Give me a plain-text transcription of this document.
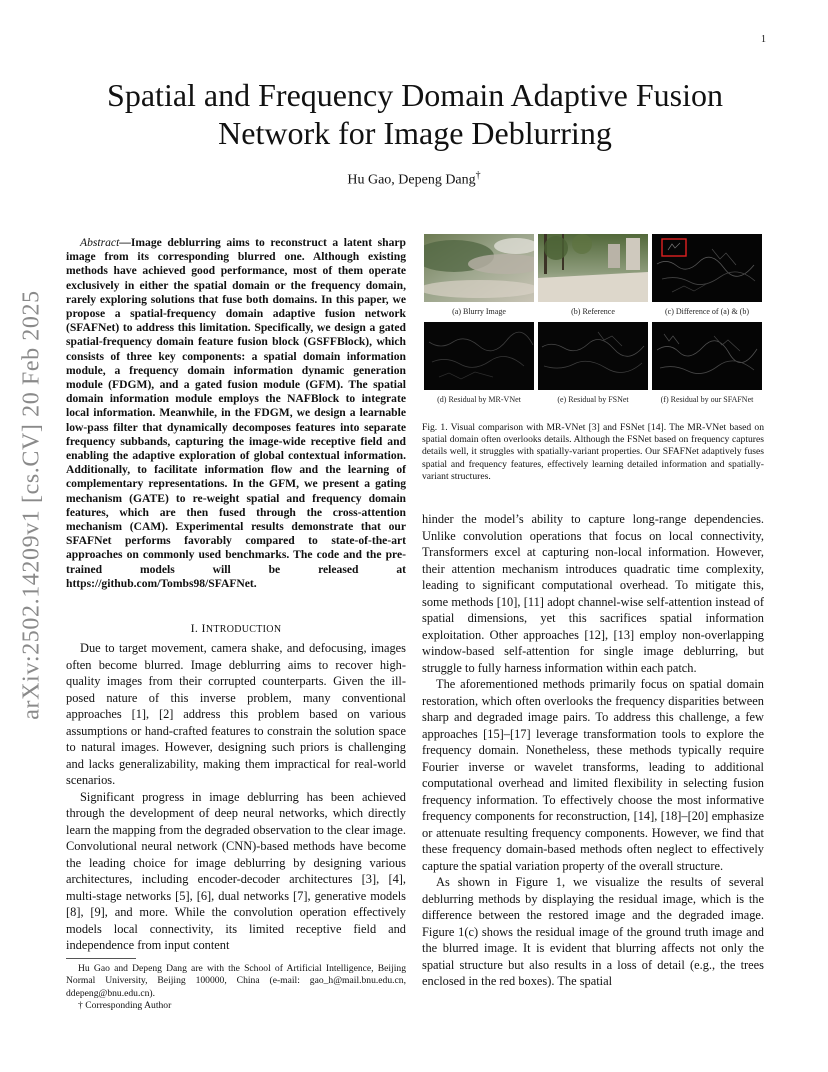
1
arXiv:2502.14209v1 [cs.CV] 20 Feb 2025
Spatial and Frequency Domain Adaptive Fusion
Network for Image Deblurring
Hu Gao, Depeng Dang†
Abstract—Image deblurring aims to reconstruct a latent sharp image from its corresponding blurred one. Although existing methods have achieved good performance, most of them operate exclusively in either the spatial domain or the frequency domain, rarely exploring solutions that fuse both domains. In this paper, we propose a spatial-frequency domain adaptive fusion network (SFAFNet) to address this limitation. Specifically, we design a gated spatial-frequency domain feature fusion block (GSFFBlock), which consists of three key components: a spatial domain information module, a frequency domain information dynamic generation module (FDGM), and a gated fusion module (GFM). The spatial domain information module employs the NAFBlock to integrate local information. Meanwhile, in the FDGM, we design a learnable low-pass filter that dynamically decomposes features into separate frequency subbands, capturing the image-wide receptive field and enabling the adaptive exploration of global contextual information. Additionally, to facilitate information flow and the learning of complementary representations. In the GFM, we present a gating mechanism (GATE) to re-weight spatial and frequency domain features, which are then fused through the cross-attention mechanism (CAM). Experimental results demonstrate that our SFAFNet performs favorably compared to state-of-the-art approaches on commonly used benchmarks. The code and the pre-trained models will be released at https://github.com/Tombs98/SFAFNet.
I. INTRODUCTION

Due to target movement, camera shake, and defocusing, images often become blurred. Image deblurring aims to recover high-quality images from their corrupted counterparts. Given the ill-posed nature of this inverse problem, many conventional approaches [1], [2] address this problem based on various assumptions or hand-crafted features to constrain the solution space to natural images. However, designing such priors is challenging and lacks generalizability, making them impractical for real-world scenarios.

Significant progress in image deblurring has been achieved through the development of deep neural networks, which directly learn the mapping from the degraded observation to the clear image. Convolutional neural network (CNN)-based methods have become the leading choice for image deblurring by designing various architectures, including encoder-decoder architectures [3], [4], multi-stage networks [5], [6], dual networks [7], generative models [8], [9], and more. While the convolution operation effectively models local connectivity, its limited receptive field and independence from input content

Hu Gao and Depeng Dang are with the School of Artificial Intelligence, Beijing Normal University, Beijing 100000, China (e-mail: gao_h@mail.bnu.edu.cn, ddepeng@bnu.edu.cn).

† Corresponding Author

(a) Blurry Image	(b) Reference	(c) Difference of (a) & (b)
(d) Residual by MR-VNet	(e) Residual by FSNet	(f) Residual by our SFAFNet
Fig. 1. Visual comparison with MR-VNet [3] and FSNet [14]. The MR-VNet based on spatial domain often overlooks details. Although the FSNet based on frequency captures details well, it struggles with spatially-variant properties. Our SFAFNet adaptively fuses spatial and frequency features, effectively learning detailed information and spatially-variant structures.

hinder the model’s ability to capture long-range dependencies. Unlike convolution operations that focus on local connectivity, Transformers excel at capturing non-local information. However, their attention mechanism introduces quadratic time complexity, leading to significant computational overhead. To mitigate this, some methods [10], [11] adopt channel-wise self-attention instead of spatial dimensions, yet this sacrifices spatial information exploitation. Other approaches [12], [13] employ non-overlapping window-based self-attention for single image deblurring, but struggle to fully harness information within each patch.

The aforementioned methods primarily focus on spatial domain restoration, which often overlooks the frequency disparities between sharp and degraded image pairs. To address this challenge, a few approaches [15]–[17] leverage transformation tools to explore the frequency domain. Nonetheless, these methods typically require Fourier inverse or wavelet transforms, leading to additional computational overhead and limited flexibility in selecting fusion frequency information. To effectively choose the most informative frequency components for reconstruction, [14], [18]–[20] emphasize or attenuate resulting frequency components. However, we find that these frequency domain-based methods often neglect to effectively capture the spatial variation property of the overall structure.

As shown in Figure 1, we visualize the results of several deblurring methods by displaying the residual image, which is the difference between the restored image and the degraded image. Figure 1(c) shows the residual image of the ground truth image and the blurred image. It is evident that blurring affects not only the spatial structure but also results in a loss of detail (e.g., the trees enclosed in the red boxes). The spatial
